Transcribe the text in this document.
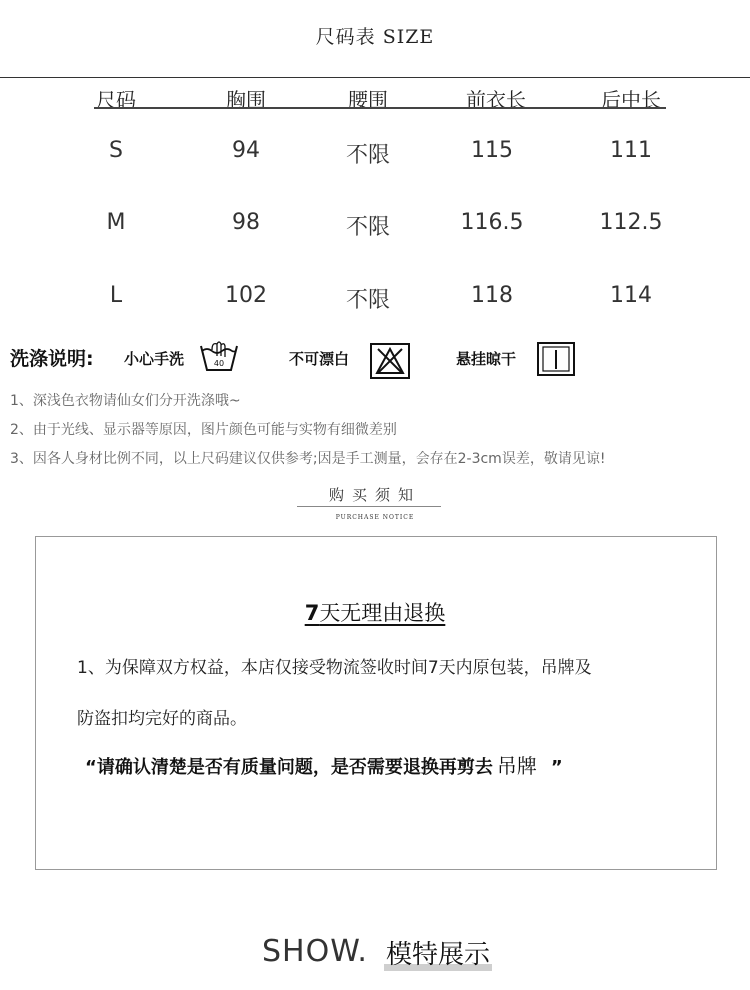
尺码表 SIZE
尺码	胸围	腰围	前衣长	后中长
S	94	不限	115	111
M	98	不限	116.5	112.5
L	102	不限	118	114
洗涤说明: 小心手洗	40	不可漂白	悬挂晾干
1、深浅色衣物请仙女们分开洗涤哦~
2、由于光线、显示器等原因，图片颜色可能与实物有细微差别
3、因各人身材比例不同，以上尺码建议仅供参考;因是手工测量，会存在2-3cm误差，敬请见谅!
购买须知
PURCHASE NOTICE
7天无理由退换
1、为保障双方权益，本店仅接受物流签收时间7天内原包装，吊牌及
防盗扣均完好的商品。
“请确认清楚是否有质量问题，是否需要退换再剪去 吊牌 ”
SHOW. 模特展示
